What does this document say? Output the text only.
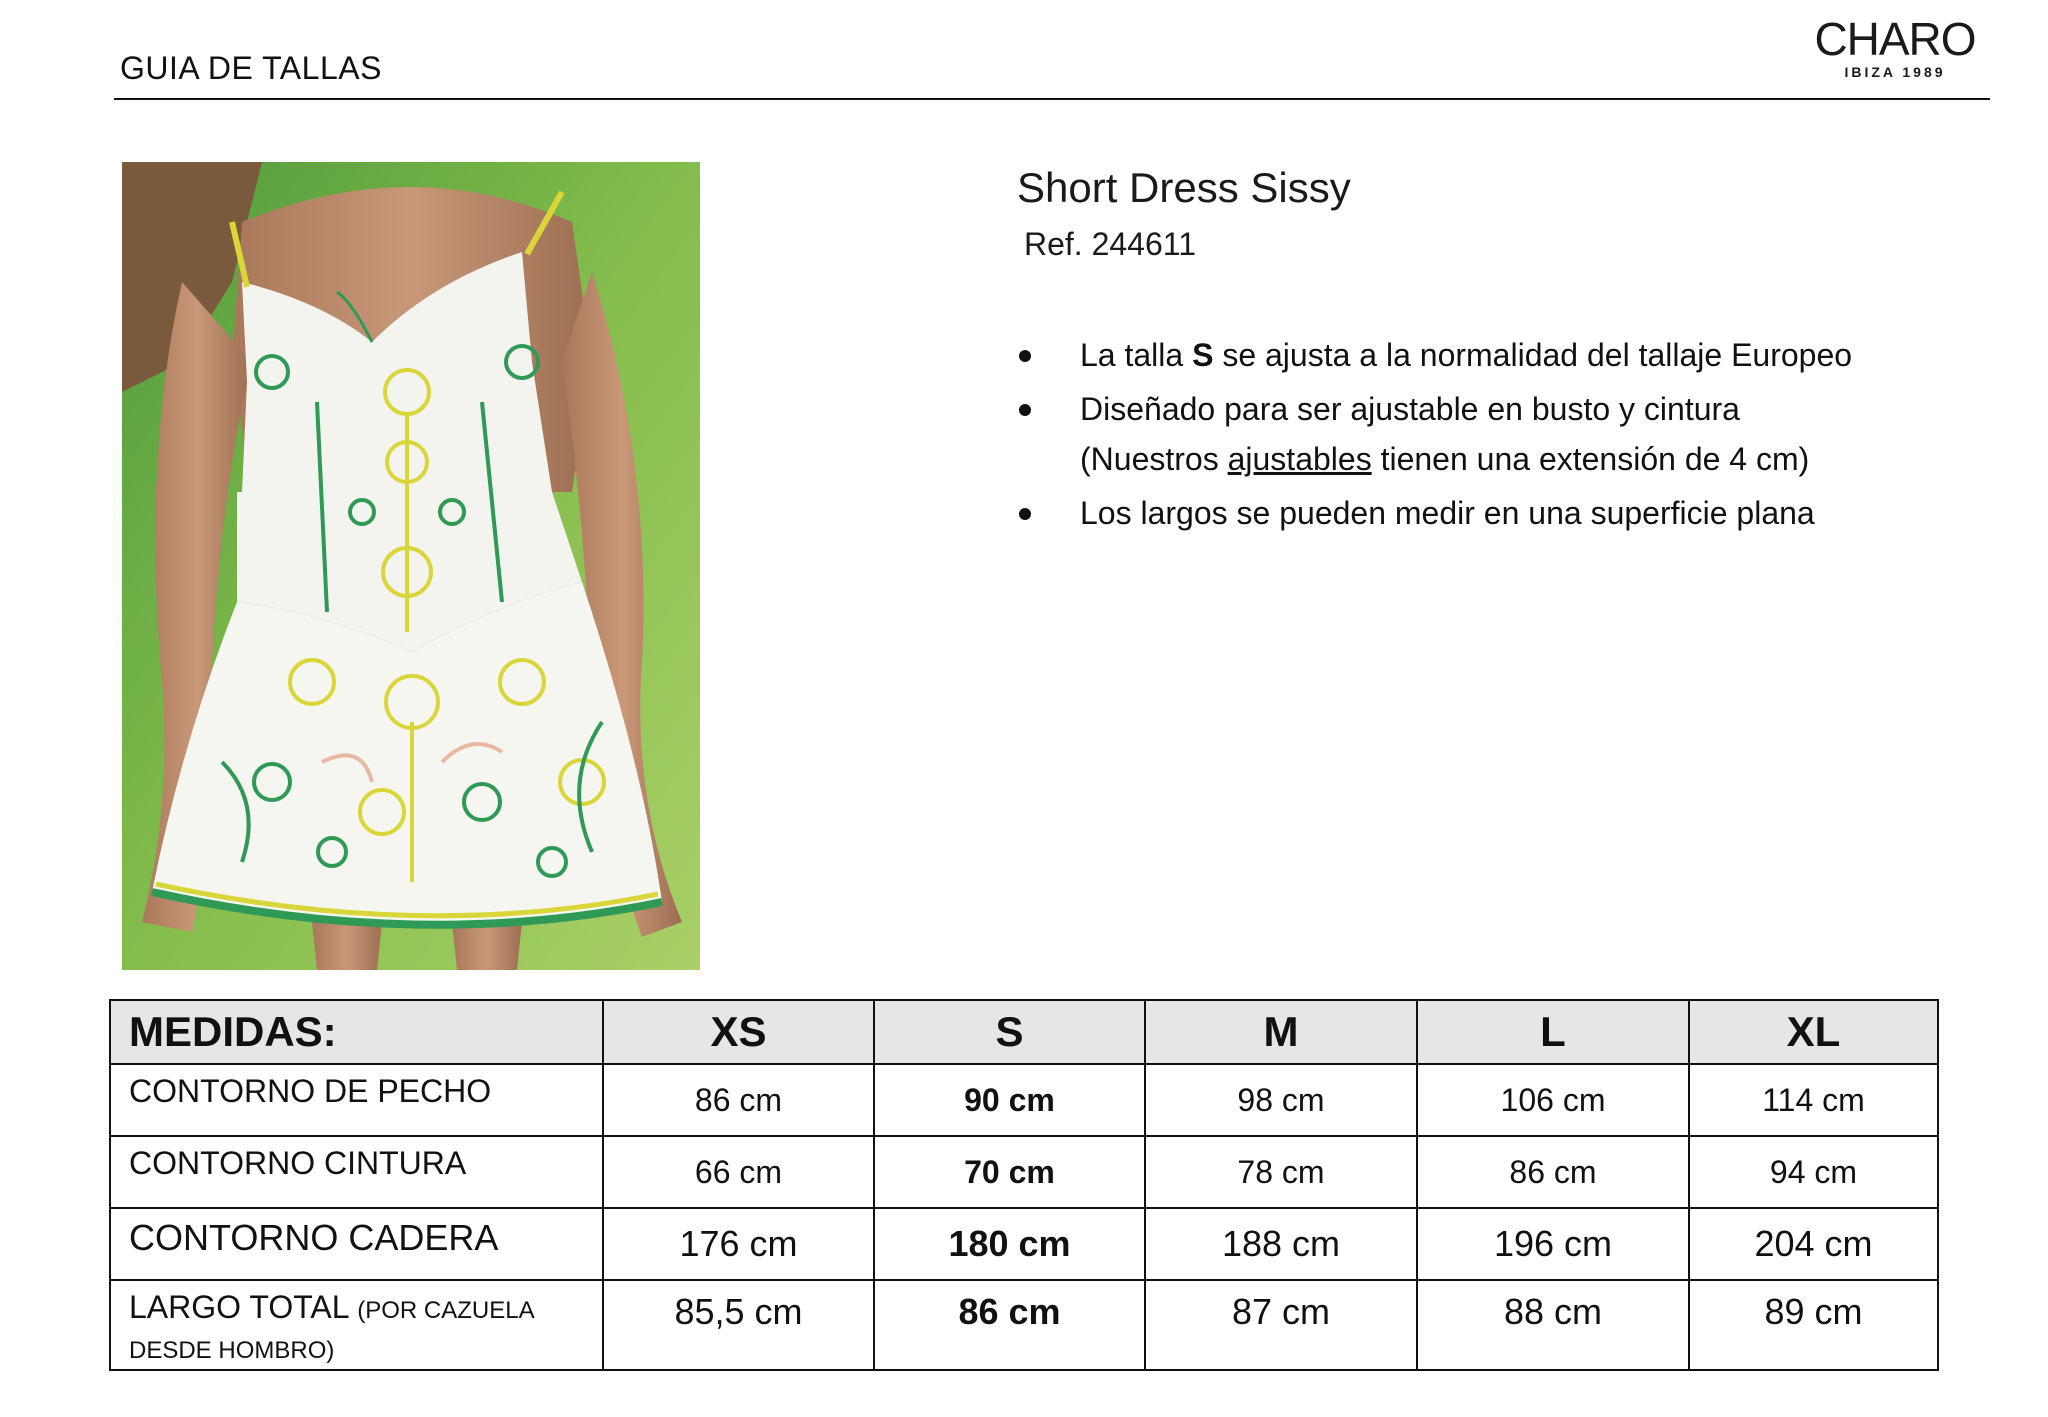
GUIA DE TALLAS
CHARO
IBIZA 1989
Short Dress Sissy
Ref. 244611
La talla S se ajusta a la normalidad del tallaje Europeo
Diseñado para ser ajustable en busto y cintura
(Nuestros ajustables tienen una extensión de 4 cm)
Los largos se pueden medir en una superficie plana
MEDIDAS:	XS	S	M	L	XL
CONTORNO DE PECHO	86 cm	90 cm	98 cm	106 cm	114 cm
CONTORNO CINTURA	66 cm	70 cm	78 cm	86 cm	94 cm
CONTORNO CADERA	176 cm	180 cm	188 cm	196 cm	204 cm
LARGO TOTAL (POR CAZUELA DESDE HOMBRO)	85,5 cm	86 cm	87 cm	88 cm	89 cm
